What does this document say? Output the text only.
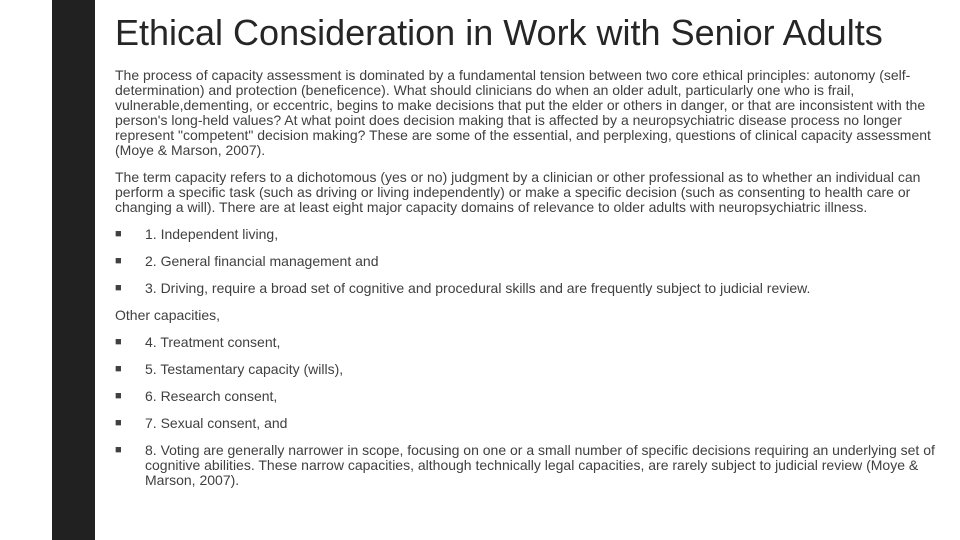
Ethical Consideration in Work with Senior Adults

The process of capacity assessment is dominated by a fundamental tension between two core ethical principles: autonomy (self-determination) and protection (beneficence). What should clinicians do when an older adult, particularly one who is frail, vulnerable,dementing, or eccentric, begins to make decisions that put the elder or others in danger, or that are inconsistent with the person's long-held values? At what point does decision making that is affected by a neuropsychiatric disease process no longer represent "competent" decision making? These are some of the essential, and perplexing, questions of clinical capacity assessment (Moye & Marson, 2007).

The term capacity refers to a dichotomous (yes or no) judgment by a clinician or other professional as to whether an individual can perform a specific task (such as driving or living independently) or make a specific decision (such as consenting to health care or changing a will). There are at least eight major capacity domains of relevance to older adults with neuropsychiatric illness.

■	1. Independent living,
■	2. General financial management and
■	3. Driving, require a broad set of cognitive and procedural skills and are frequently subject to judicial review.

Other capacities,

■	4. Treatment consent,
■	5. Testamentary capacity (wills),
■	6. Research consent,
■	7. Sexual consent, and
■	8. Voting are generally narrower in scope, focusing on one or a small number of specific decisions requiring an underlying set of cognitive abilities. These narrow capacities, although technically legal capacities, are rarely subject to judicial review (Moye & Marson, 2007).
